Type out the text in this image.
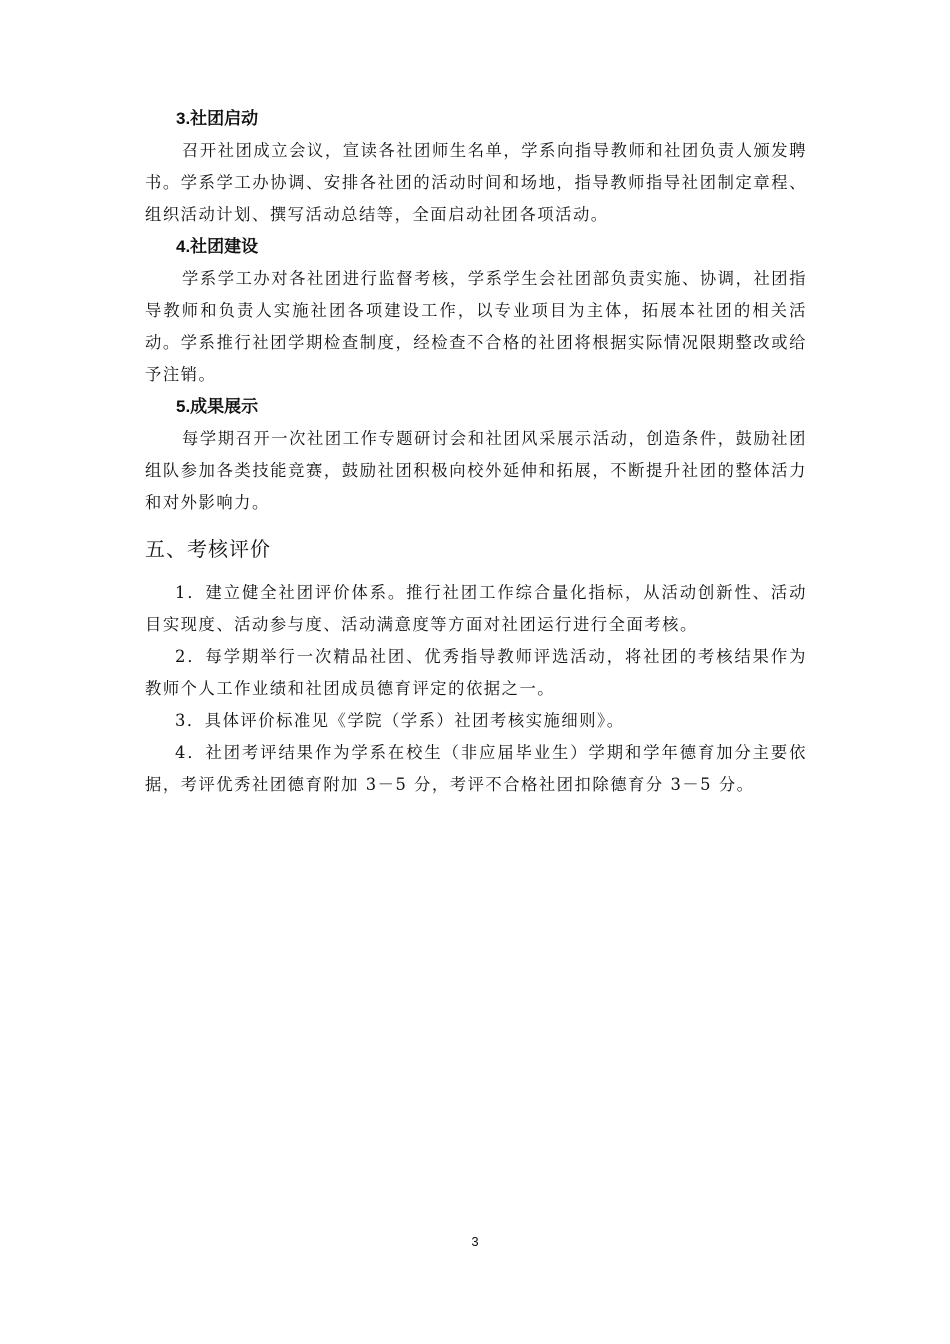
3.社团启动

召开社团成立会议，宣读各社团师生名单，学系向指导教师和社团负责人颁发聘书。学系学工办协调、安排各社团的活动时间和场地，指导教师指导社团制定章程、组织活动计划、撰写活动总结等，全面启动社团各项活动。

4.社团建设

学系学工办对各社团进行监督考核，学系学生会社团部负责实施、协调，社团指导教师和负责人实施社团各项建设工作，以专业项目为主体，拓展本社团的相关活动。学系推行社团学期检查制度，经检查不合格的社团将根据实际情况限期整改或给予注销。

5.成果展示

每学期召开一次社团工作专题研讨会和社团风采展示活动，创造条件，鼓励社团组队参加各类技能竞赛，鼓励社团积极向校外延伸和拓展，不断提升社团的整体活力和对外影响力。

五、考核评价

1．建立健全社团评价体系。推行社团工作综合量化指标，从活动创新性、活动目实现度、活动参与度、活动满意度等方面对社团运行进行全面考核。

2．每学期举行一次精品社团、优秀指导教师评选活动，将社团的考核结果作为教师个人工作业绩和社团成员德育评定的依据之一。

3．具体评价标准见《学院（学系）社团考核实施细则》。

4．社团考评结果作为学系在校生（非应届毕业生）学期和学年德育加分主要依据，考评优秀社团德育附加 3－5 分，考评不合格社团扣除德育分 3－5 分。

3
